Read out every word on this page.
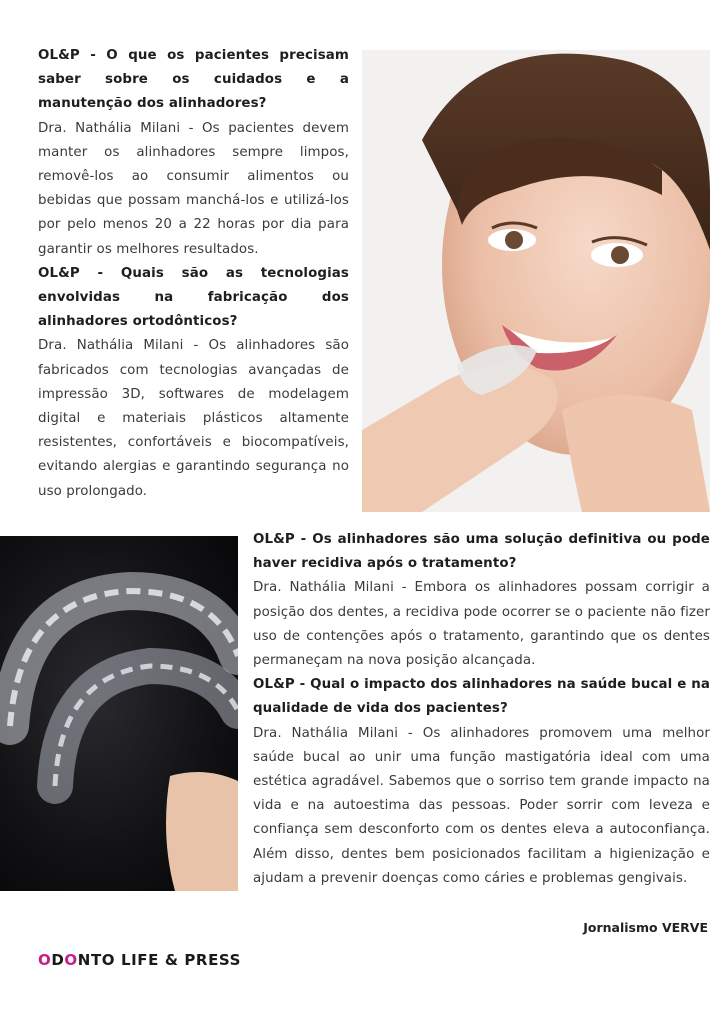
OL&P - O que os pacientes precisam saber sobre os cuidados e a manutenção dos alinhadores?

Dra. Nathália Milani - Os pacientes devem manter os alinhadores sempre limpos, removê-los ao consumir alimentos ou bebidas que possam manchá-los e utilizá-los por pelo menos 20 a 22 horas por dia para garantir os melhores resultados.

OL&P - Quais são as tecnologias envolvidas na fabricação dos alinhadores ortodônticos?

Dra. Nathália Milani - Os alinhadores são fabricados com tecnologias avançadas de impressão 3D, softwares de modelagem digital e materiais plásticos altamente resistentes, confortáveis e biocompatíveis, evitando alergias e garantindo segurança no uso prolongado.

OL&P - Os alinhadores são uma solução definitiva ou pode haver recidiva após o tratamento?

Dra. Nathália Milani - Embora os alinhadores possam corrigir a posição dos dentes, a recidiva pode ocorrer se o paciente não fizer uso de contenções após o tratamento, garantindo que os dentes permaneçam na nova posição alcançada.

OL&P - Qual o impacto dos alinhadores na saúde bucal e na qualidade de vida dos pacientes?

Dra. Nathália Milani - Os alinhadores promovem uma melhor saúde bucal ao unir uma função mastigatória ideal com uma estética agradável. Sabemos que o sorriso tem grande impacto na vida e na autoestima das pessoas. Poder sorrir com leveza e confiança sem desconforto com os dentes eleva a autoconfiança. Além disso, dentes bem posicionados facilitam a higienização e ajudam a prevenir doenças como cáries e problemas gengivais.

Jornalismo VERVE
ODONTO LIFE & PRESS
